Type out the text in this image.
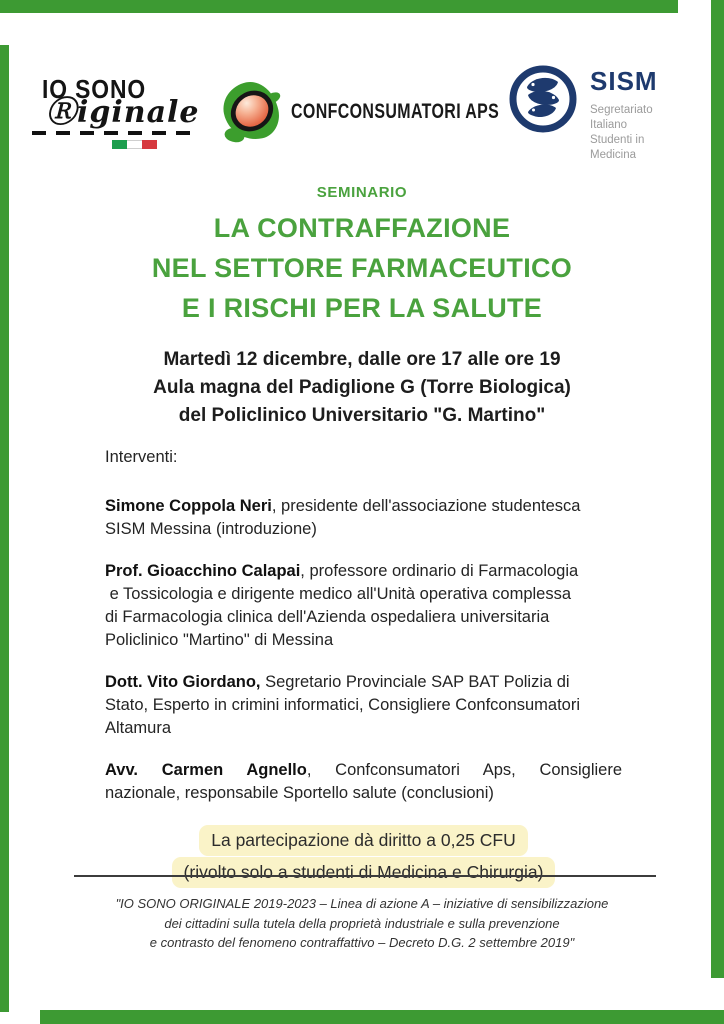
IO SONO
Ⓡiginale	CONFCONSUMATORI APS
SISM
Segretariato Italiano
Studenti in Medicina
SEMINARIO
LA CONTRAFFAZIONE
NEL SETTORE FARMACEUTICO
E I RISCHI PER LA SALUTE
Martedì 12 dicembre, dalle ore 17 alle ore 19
Aula magna del Padiglione G (Torre Biologica)
del Policlinico Universitario "G. Martino"
Interventi:
Simone Coppola Neri, presidente dell'associazione studentesca
SISM Messina (introduzione)
Prof. Gioacchino Calapai, professore ordinario di Farmacologia
e Tossicologia e dirigente medico all'Unità operativa complessa
di Farmacologia clinica dell'Azienda ospedaliera universitaria
Policlinico "Martino" di Messina
Dott. Vito Giordano, Segretario Provinciale SAP BAT Polizia di
Stato, Esperto in crimini informatici, Consigliere Confconsumatori
Altamura
Avv. Carmen Agnello, Confconsumatori Aps, Consigliere
nazionale, responsabile Sportello salute (conclusioni)
La partecipazione dà diritto a 0,25 CFU
(rivolto solo a studenti di Medicina e Chirurgia)
"IO SONO ORIGINALE 2019-2023 – Linea di azione A – iniziative di sensibilizzazione
dei cittadini sulla tutela della proprietà industriale e sulla prevenzione
e contrasto del fenomeno contraffattivo – Decreto D.G. 2 settembre 2019"
